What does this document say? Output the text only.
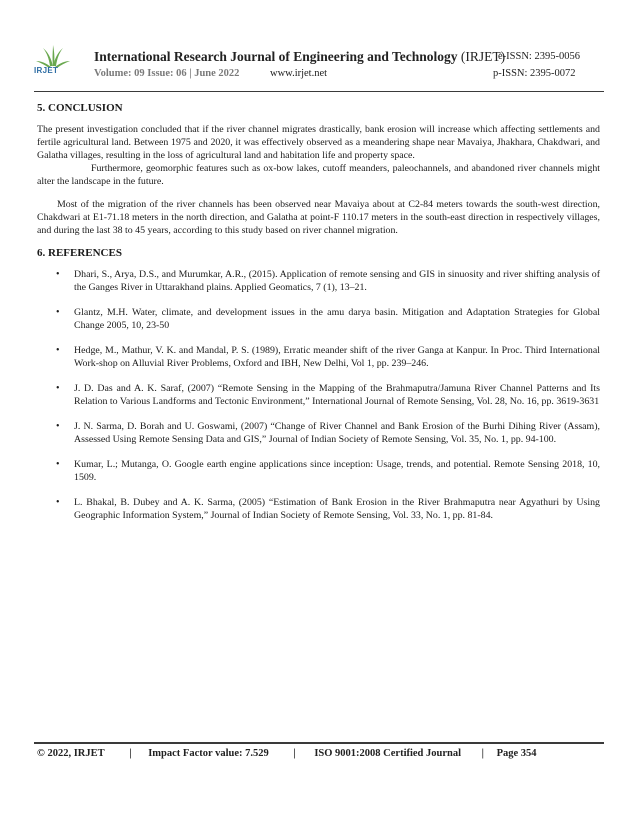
IRJET
International Research Journal of Engineering and Technology (IRJET)
e-ISSN: 2395-0056
Volume: 09 Issue: 06 | June 2022	www.irjet.net	p-ISSN: 2395-0072
5. CONCLUSION

The present investigation concluded that if the river channel migrates drastically, bank erosion will increase which affecting settlements and fertile agricultural land. Between 1975 and 2020, it was effectively observed as a meandering shape near Mavaiya, Jhakhara, Chakdwari, and Galatha villages, resulting in the loss of agricultural land and habitation life and property space.

Furthermore, geomorphic features such as ox-bow lakes, cutoff meanders, paleochannels, and abandoned river channels might alter the landscape in the future.

Most of the migration of the river channels has been observed near Mavaiya about at C2-84 meters towards the south-west direction, Chakdwari at E1-71.18 meters in the north direction, and Galatha at point-F 110.17 meters in the south-east direction in respectively villages, and during the last 38 to 45 years, according to this study based on river channel migration.

6. REFERENCES
• Dhari, S., Arya, D.S., and Murumkar, A.R., (2015). Application of remote sensing and GIS in sinuosity and river shifting analysis of the Ganges River in Uttarakhand plains. Applied Geomatics, 7 (1), 13–21.
• Glantz, M.H. Water, climate, and development issues in the amu darya basin. Mitigation and Adaptation Strategies for Global Change 2005, 10, 23-50
• Hedge, M., Mathur, V. K. and Mandal, P. S. (1989), Erratic meander shift of the river Ganga at Kanpur. In Proc. Third International Work-shop on Alluvial River Problems, Oxford and IBH, New Delhi, Vol 1, pp. 239–246.
• J. D. Das and A. K. Saraf, (2007) “Remote Sensing in the Mapping of the Brahmaputra/Jamuna River Channel Patterns and Its Relation to Various Landforms and Tectonic Environment,” International Journal of Remote Sensing, Vol. 28, No. 16, pp. 3619-3631
• J. N. Sarma, D. Borah and U. Goswami, (2007) “Change of River Channel and Bank Erosion of the Burhi Dihing River (Assam), Assessed Using Remote Sensing Data and GIS,” Journal of Indian Society of Remote Sensing, Vol. 35, No. 1, pp. 94-100.
• Kumar, L.; Mutanga, O. Google earth engine applications since inception: Usage, trends, and potential. Remote Sensing 2018, 10, 1509.
• L. Bhakal, B. Dubey and A. K. Sarma, (2005) “Estimation of Bank Erosion in the River Brahmaputra near Agyathuri by Using Geographic Information System,” Journal of Indian Society of Remote Sensing, Vol. 33, No. 1, pp. 81-84.
© 2022, IRJET | Impact Factor value: 7.529 | ISO 9001:2008 Certified Journal | Page 354
